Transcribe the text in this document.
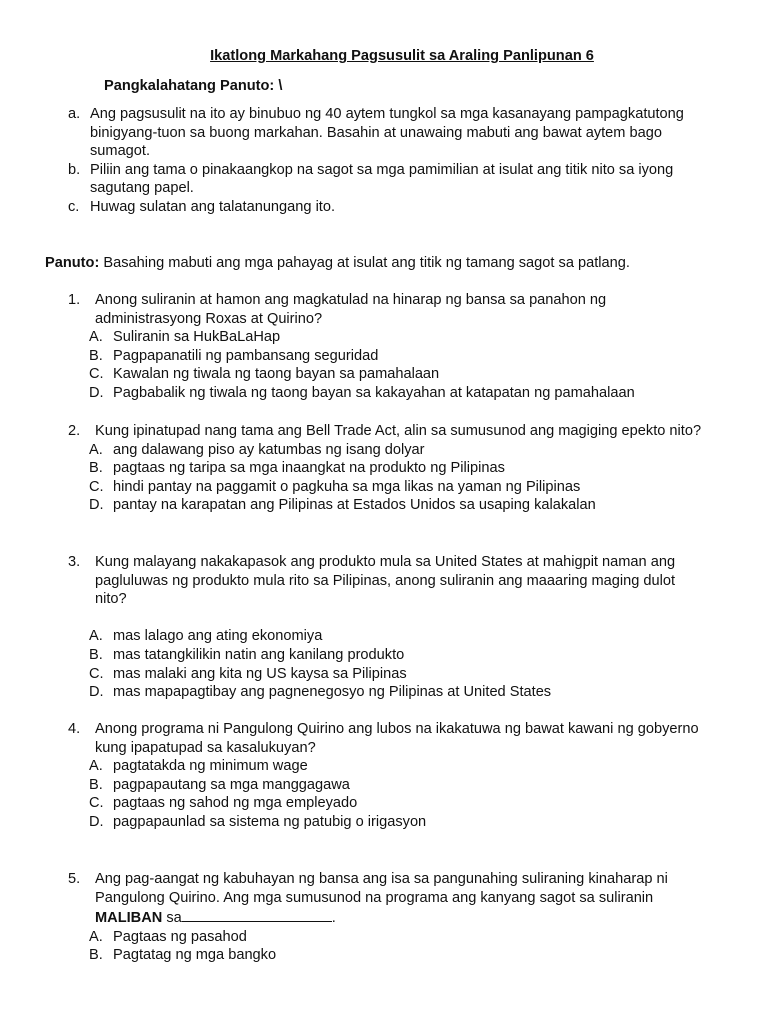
Ikatlong Markahang Pagsusulit sa Araling Panlipunan 6
Pangkalahatang Panuto: \
a. Ang pagsusulit na ito ay binubuo ng 40 aytem tungkol sa mga kasanayang pampagkatutong binigyang-tuon sa buong markahan. Basahin at unawaing mabuti ang bawat aytem bago sumagot.
b. Piliin ang tama o pinakaangkop na sagot sa mga pamimilian at isulat ang titik nito sa iyong sagutang papel.
c. Huwag sulatan ang talatanungang ito.
Panuto: Basahing mabuti ang mga pahayag at isulat ang titik ng tamang sagot sa patlang.
1.	Anong suliranin at hamon ang magkatulad na hinarap ng bansa sa panahon ng administrasyong Roxas at Quirino?
A. Suliranin sa HukBaLaHap
B. Pagpapanatili ng pambansang seguridad
C. Kawalan ng tiwala ng taong bayan sa pamahalaan
D. Pagbabalik ng tiwala ng taong bayan sa kakayahan at katapatan ng pamahalaan
2.	Kung ipinatupad nang tama ang Bell Trade Act, alin sa sumusunod ang magiging epekto nito?
A. ang dalawang piso ay katumbas ng isang dolyar
B. pagtaas ng taripa sa mga inaangkat na produkto ng Pilipinas
C. hindi pantay na paggamit o pagkuha sa mga likas na yaman ng Pilipinas
D. pantay na karapatan ang Pilipinas at Estados Unidos sa usaping kalakalan
3.	Kung malayang nakakapasok ang produkto mula sa United States at mahigpit naman ang pagluluwas ng produkto mula rito sa Pilipinas, anong suliranin ang maaaring maging dulot nito?
A. mas lalago ang ating ekonomiya
B. mas tatangkilikin natin ang kanilang produkto
C. mas malaki ang kita ng US kaysa sa Pilipinas
D. mas mapapagtibay ang pagnenegosyo ng Pilipinas at United States
4.	Anong programa ni Pangulong Quirino ang lubos na ikakatuwa ng bawat kawani ng gobyerno kung ipapatupad sa kasalukuyan?
A. pagtatakda ng minimum wage
B. pagpapautang sa mga manggagawa
C. pagtaas ng sahod ng mga empleyado
D. pagpapaunlad sa sistema ng patubig o irigasyon
5.	Ang pag-aangat ng kabuhayan ng bansa ang isa sa pangunahing suliraning kinaharap ni Pangulong Quirino. Ang mga sumusunod na programa ang kanyang sagot sa suliranin MALIBAN sa	.
A. Pagtaas ng pasahod
B. Pagtatag ng mga bangko
